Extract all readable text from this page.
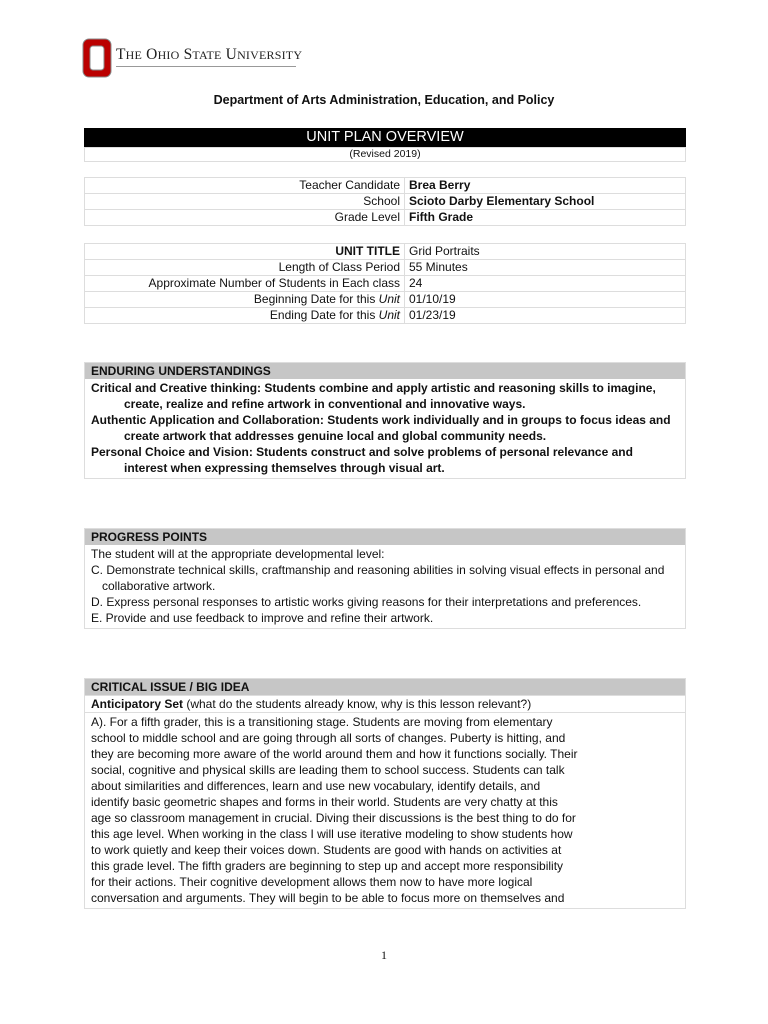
THE OHIO STATE UNIVERSITY
Department of Arts Administration, Education, and Policy
UNIT PLAN OVERVIEW
(Revised 2019)
Teacher Candidate	Brea Berry
School	Scioto Darby Elementary School
Grade Level	Fifth Grade
UNIT TITLE	Grid Portraits
Length of Class Period	55 Minutes
Approximate Number of Students in Each class	24
Beginning Date for this Unit	01/10/19
Ending Date for this Unit	01/23/19
ENDURING UNDERSTANDINGS
Critical and Creative thinking: Students combine and apply artistic and reasoning skills to imagine, create, realize and refine artwork in conventional and innovative ways.
Authentic Application and Collaboration: Students work individually and in groups to focus ideas and create artwork that addresses genuine local and global community needs.
Personal Choice and Vision: Students construct and solve problems of personal relevance and interest when expressing themselves through visual art.
PROGRESS POINTS
The student will at the appropriate developmental level:
C. Demonstrate technical skills, craftmanship and reasoning abilities in solving visual effects in personal and collaborative artwork.
D. Express personal responses to artistic works giving reasons for their interpretations and preferences.
E. Provide and use feedback to improve and refine their artwork.
CRITICAL ISSUE / BIG IDEA
Anticipatory Set (what do the students already know, why is this lesson relevant?)
A). For a fifth grader, this is a transitioning stage. Students are moving from elementary
school to middle school and are going through all sorts of changes. Puberty is hitting, and
they are becoming more aware of the world around them and how it functions socially. Their
social, cognitive and physical skills are leading them to school success. Students can talk
about similarities and differences, learn and use new vocabulary, identify details, and
identify basic geometric shapes and forms in their world. Students are very chatty at this
age so classroom management in crucial. Diving their discussions is the best thing to do for
this age level. When working in the class I will use iterative modeling to show students how
to work quietly and keep their voices down. Students are good with hands on activities at
this grade level. The fifth graders are beginning to step up and accept more responsibility
for their actions. Their cognitive development allows them now to have more logical
conversation and arguments. They will begin to be able to focus more on themselves and
1
